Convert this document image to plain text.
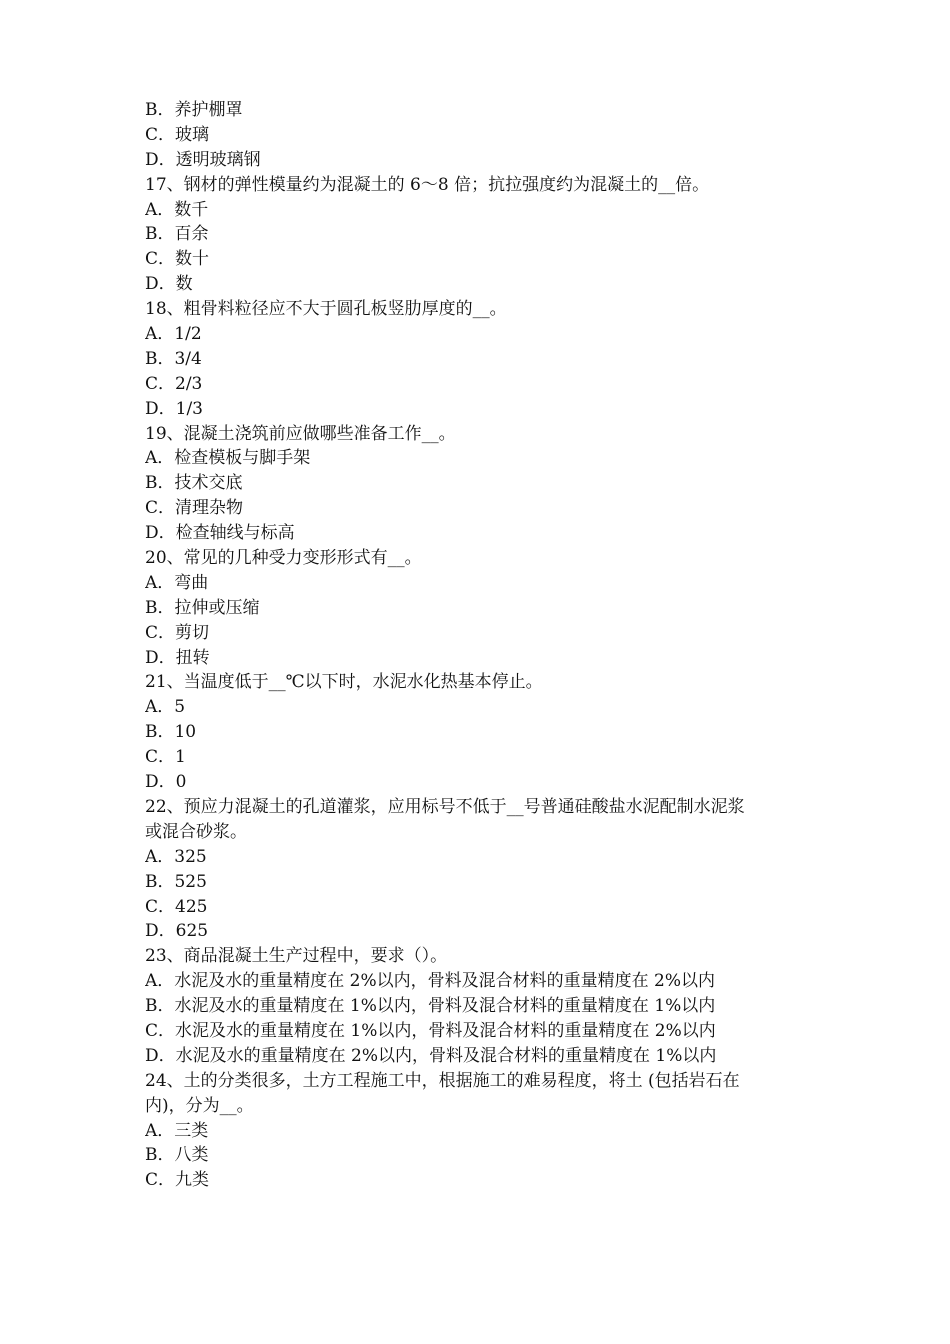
B．养护棚罩
C．玻璃
D．透明玻璃钢
17、钢材的弹性模量约为混凝土的 6～8 倍；抗拉强度约为混凝土的__倍。
A．数千
B．百余
C．数十
D．数
18、粗骨料粒径应不大于圆孔板竖肋厚度的__。
A．1/2
B．3/4
C．2/3
D．1/3
19、混凝土浇筑前应做哪些准备工作__。
A．检查模板与脚手架
B．技术交底
C．清理杂物
D．检查轴线与标高
20、常见的几种受力变形形式有__。
A．弯曲
B．拉伸或压缩
C．剪切
D．扭转
21、当温度低于__℃以下时，水泥水化热基本停止。
A．5
B．10
C．1
D．0
22、预应力混凝土的孔道灌浆，应用标号不低于__号普通硅酸盐水泥配制水泥浆
或混合砂浆。
A．325
B．525
C．425
D．625
23、商品混凝土生产过程中，要求（）。
A．水泥及水的重量精度在 2%以内，骨料及混合材料的重量精度在 2%以内
B．水泥及水的重量精度在 1%以内，骨料及混合材料的重量精度在 1%以内
C．水泥及水的重量精度在 1%以内，骨料及混合材料的重量精度在 2%以内
D．水泥及水的重量精度在 2%以内，骨料及混合材料的重量精度在 1%以内
24、土的分类很多，土方工程施工中，根据施工的难易程度，将土 (包括岩石在
内)，分为__。
A．三类
B．八类
C．九类
